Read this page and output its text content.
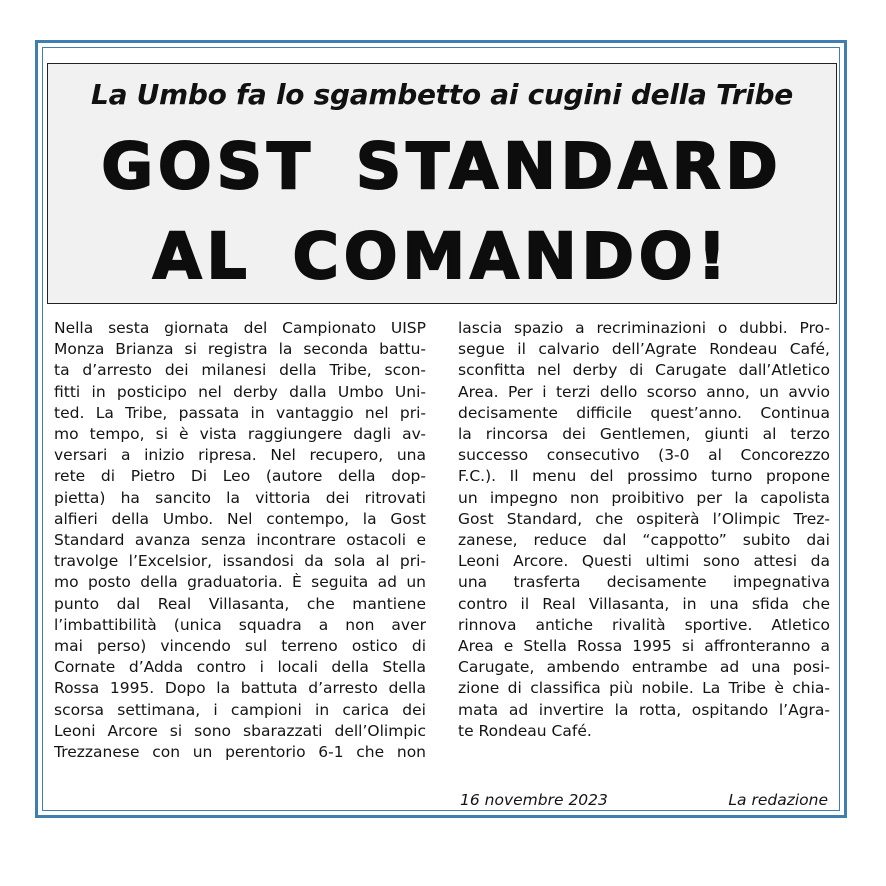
La Umbo fa lo sgambetto ai cugini della Tribe
GOST STANDARD
AL COMANDO!

Nella sesta giornata del Campionato UISP

Monza Brianza si registra la seconda battu-

ta d’arresto dei milanesi della Tribe, scon-

fitti in posticipo nel derby dalla Umbo Uni-

ted. La Tribe, passata in vantaggio nel pri-

mo tempo, si è vista raggiungere dagli av-

versari a inizio ripresa. Nel recupero, una

rete di Pietro Di Leo (autore della dop-

pietta) ha sancito la vittoria dei ritrovati

alfieri della Umbo. Nel contempo, la Gost

Standard avanza senza incontrare ostacoli e

travolge l’Excelsior, issandosi da sola al pri-

mo posto della graduatoria. È seguita ad un

punto dal Real Villasanta, che mantiene

l’imbattibilità (unica squadra a non aver

mai perso) vincendo sul terreno ostico di

Cornate d’Adda contro i locali della Stella

Rossa 1995. Dopo la battuta d’arresto della

scorsa settimana, i campioni in carica dei

Leoni Arcore si sono sbarazzati dell’Olimpic

Trezzanese con un perentorio 6-1 che non

lascia spazio a recriminazioni o dubbi. Pro-

segue il calvario dell’Agrate Rondeau Café,

sconfitta nel derby di Carugate dall’Atletico

Area. Per i terzi dello scorso anno, un avvio

decisamente difficile quest’anno. Continua

la rincorsa dei Gentlemen, giunti al terzo

successo consecutivo (3-0 al Concorezzo

F.C.). Il menu del prossimo turno propone

un impegno non proibitivo per la capolista

Gost Standard, che ospiterà l’Olimpic Trez-

zanese, reduce dal “cappotto” subito dai

Leoni Arcore. Questi ultimi sono attesi da

una trasferta decisamente impegnativa

contro il Real Villasanta, in una sfida che

rinnova antiche rivalità sportive. Atletico

Area e Stella Rossa 1995 si affronteranno a

Carugate, ambendo entrambe ad una posi-

zione di classifica più nobile. La Tribe è chia-

mata ad invertire la rotta, ospitando l’Agra-

te Rondeau Café.

16 novembre 2023	La redazione
